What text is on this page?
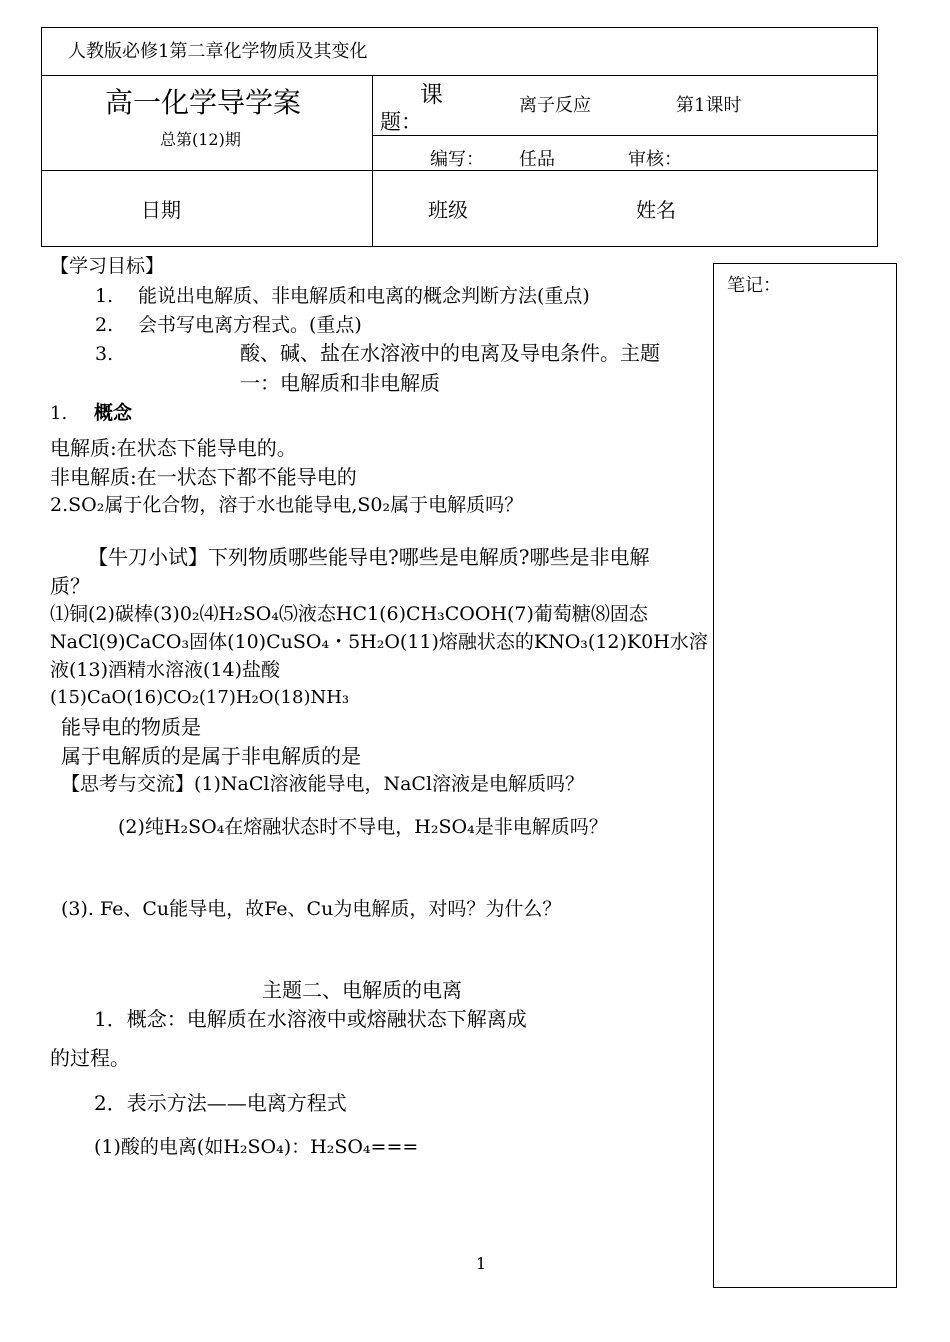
人教版必修1第二章化学物质及其变化
高一化学导学案
总第(12)期
课
题：
离子反应	第1课时
编写： 任品	审核：
日期	班级	姓名
笔记：
【学习目标】
1. 能说出电解质、非电解质和电离的概念判断方法(重点)
2. 会书写电离方程式。(重点)
3.	酸、碱、盐在水溶液中的电离及导电条件。主题
一：电解质和非电解质
1. 概念
电解质:在状态下能导电的。
非电解质:在一状态下都不能导电的
2.SO₂属于化合物，溶于水也能导电,S0₂属于电解质吗？
【牛刀小试】下列物质哪些能导电?哪些是电解质?哪些是非电解
质？
⑴铜(2)碳棒(3)0₂⑷H₂SO₄⑸液态HC1(6)CH₃COOH(7)葡萄糖⑻固态
NaCl(9)CaCO₃固体(10)CuSO₄・5H₂O(11)熔融状态的KNO₃(12)K0H水溶
液(13)酒精水溶液(14)盐酸
(15)CaO(16)CO₂(17)H₂O(18)NH₃
能导电的物质是
属于电解质的是属于非电解质的是
【思考与交流】(1)NaCl溶液能导电，NaCl溶液是电解质吗？
(2)纯H₂SO₄在熔融状态时不导电，H₂SO₄是非电解质吗？
(3). Fe、Cu能导电，故Fe、Cu为电解质，对吗？为什么？
主题二、电解质的电离
1．概念：电解质在水溶液中或熔融状态下解离成
的过程。
2．表示方法——电离方程式
(1)酸的电离(如H₂SO₄)：H₂SO₄===
1
